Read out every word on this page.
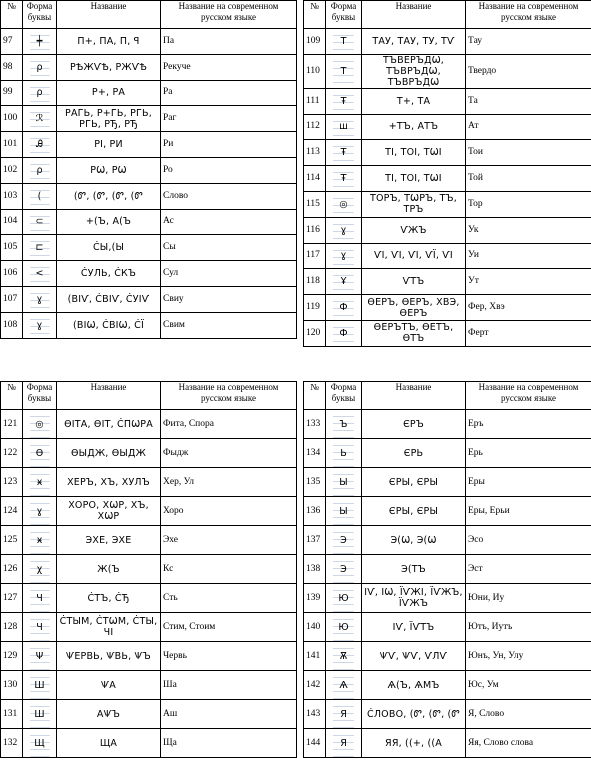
№	Форма буквы	Название	Название на современном русском языке
97	┿	П+, ПА, П, ꟼ	Па
98	ρ	РѢЖѴѢ, РЖѴѢ	Рекуче
99	ρ	Р+, РА	Ра
100	ℛ	РАГЬ, Р+ГЬ, РГЬ, РГЬ, РЂ, РЂ	Раг
101	Ꭿ	РІ, РИ	Ри
102	ρ	РѠ, РѠ	Ро
103	(	(Ꮫ, (Ꮫ, (Ꮫ, (Ꮫ	Слово
104	⊂	+(Ъ, А(Ъ	Ас
105	⊏	ĊЫ,(Ы	Сы
106	<	ĊУЛЬ, ĊКЪ	Сул
107	ɣ	(ВІѴ, ĊВІѴ, ĊУІѴ	Свиу
108	ɣ	(ВІѠ, ĊВІѠ, ĊЇ	Свим
№	Форма буквы	Название	Название на современном русском языке
109	Т	ТАУ, ТАУ, ТУ, ТѴ	Тау
110	Т	ТЪВЕРЪДѠ, ТЪВРЪДѠ, ТЪВРЪДѠ	Твердо
111	Ŧ	Т+, ТА	Та
112	ш	+ТЪ, АТЪ	Ат
113	Ŧ	ТІ, ТОІ, ТѠІ	Тои
114	Ŧ	ТІ, ТОІ, ТѠІ	Той
115	◎	ТОРЪ, ТѠРЪ, ТЪ, ТРЪ	Тор
116	ɣ	ѴЖЪ	Ук
117	ɣ	ѴІ, ѴІ, ѴІ, ѴЇ, ѴІ	Уи
118	Ұ	ѴТЪ	Ут
119	Ф	ѲЕРЪ, ѲЕРЪ, ХВЭ, ѲЕРЪ	Фер, Хвэ
120	Ф	ѲЕРЪТЪ, ѲЕТЪ, ѲТЪ	Ферт
№	Форма буквы	Название	Название на современном русском языке
121	◎	ѲІТА, ѲІТ, ĊПѠРА	Фита, Спора
122	Ɵ	ѲЫДЖ, ѲЫДЖ	Фыдж
123	ӿ	ХЕРЪ, ХЪ, ХУЛЪ	Хер, Ул
124	ɣ	ХОРО, ХѠР, ХЪ, ХѠР	Хоро
125	ӿ	ЭХЕ, ЭХЕ	Эхе
126	χ	Ж(Ъ	Кс
127	Ч	ĊТЪ, ĊЂ	Сть
128	Ч	ĊТЫМ, ĊТѠМ, ĊТЫ, ЧІ	Стим, Стоим
129	Ψ	ѰЕРВЬ, ѰВЬ, ѰЪ	Червь
130	Ш	ѰА	Ша
131	Ш	АѰЪ	Аш
132	Щ	ЩА	Ща
№	Форма буквы	Название	Название на современном русском языке
133	Ъ	ЄРЪ	Еръ
134	Ь	ЄРЬ	Ерь
135	Ы	ЄРЫ, ЄРЫ	Еры
136	Ы	ЄРЫ, ЄРЫ	Еры, Ерьи
137	Э	Э(Ѡ, Э(Ѡ	Эсо
138	Э	Э(ТЪ	Эст
139	Ю	ІѴ, ІѠ, ЇѴЖІ, ЇѴЖЪ, ЇѴЖЪ	Юни, Иу
140	Ю	ІѴ, ЇѴТЪ	Ютъ, Иутъ
141	Ѫ	ѰѴ, ѰѴ, ѴЛѴ	Юнъ, Ун, Улу
142	Ѧ	Ѧ(Ъ, ѦМЪ	Юс, Ум
143	Я	ĊЛОВО, (Ꮫ, (Ꮫ, (Ꮫ	Я, Слово
144	Я	ЯЯ, ((+, ((А	Яя, Слово слова
